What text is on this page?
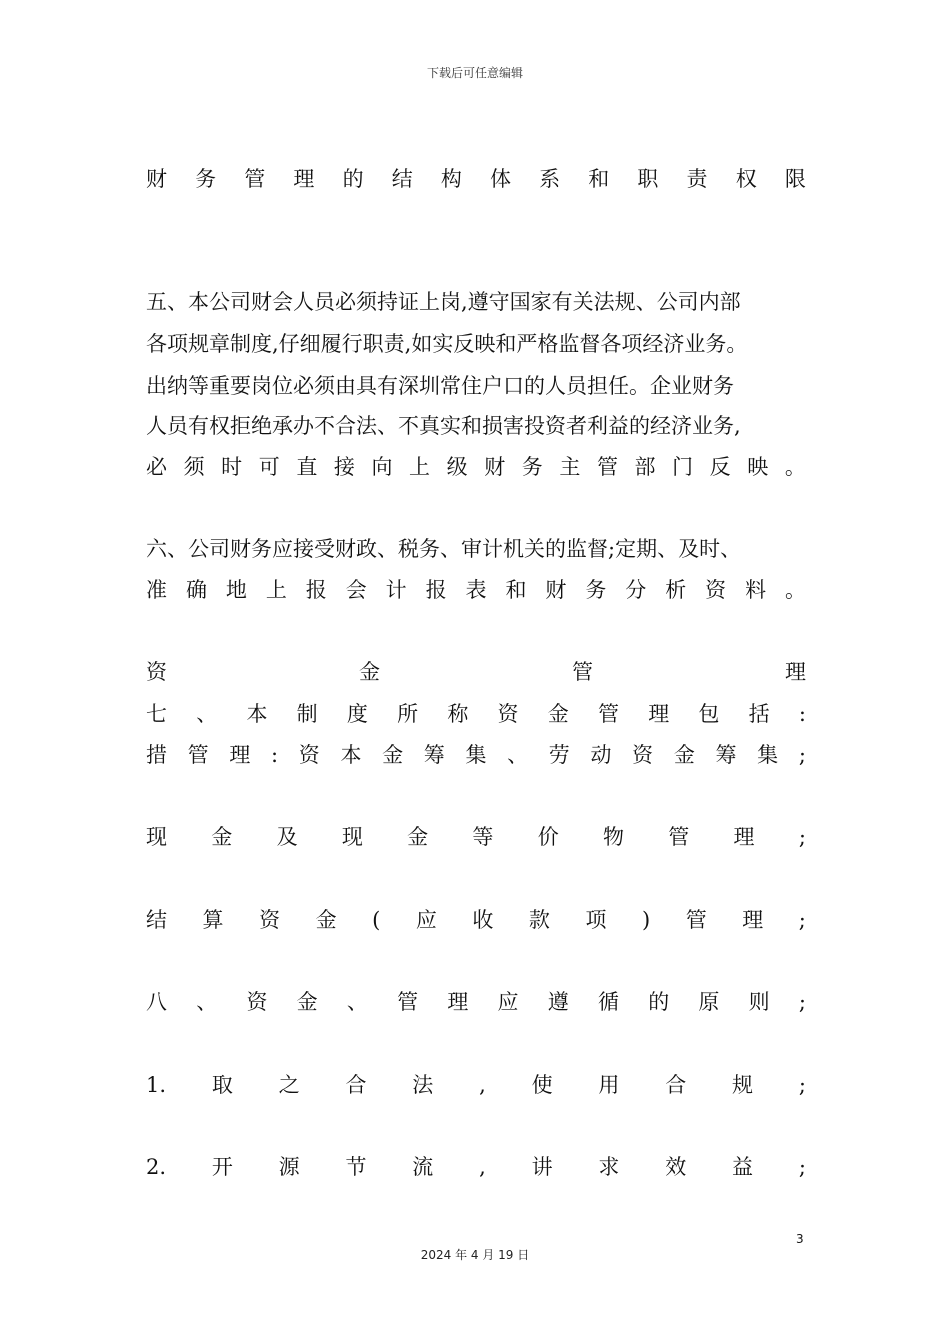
下载后可任意编辑
财 务 管 理 的 结 构 体 系 和 职 责 权 限
五、本公司财会人员必须持证上岗,遵守国家有关法规、公司内部
各项规章制度,仔细履行职责,如实反映和严格监督各项经济业务。
出纳等重要岗位必须由具有深圳常住户口的人员担任。企业财务
人员有权拒绝承办不合法、不真实和损害投资者利益的经济业务,
必 须 时 可 直 接 向 上 级 财 务 主 管 部 门 反 映 。
六、公司财务应接受财政、税务、审计机关的监督;定期、及时、
准 确 地 上 报 会 计 报 表 和 财 务 分 析 资 料 。
资	金	管	理
七 、 本 制 度 所 称 资 金 管 理 包 括 :
措 管 理 : 资 本 金 筹 集 、 劳 动 资 金 筹 集 ;
现 金 及 现 金 等 价 物 管 理 ;
结 算 资 金 ( 应 收 款 项 ) 管 理 ;
八 、 资 金 、 管 理 应 遵 循 的 原 则 ;
1. 取 之 合 法 , 使 用 合 规 ;
2. 开 源 节 流 , 讲 求 效 益 ;
3
2024 年 4 月 19 日
